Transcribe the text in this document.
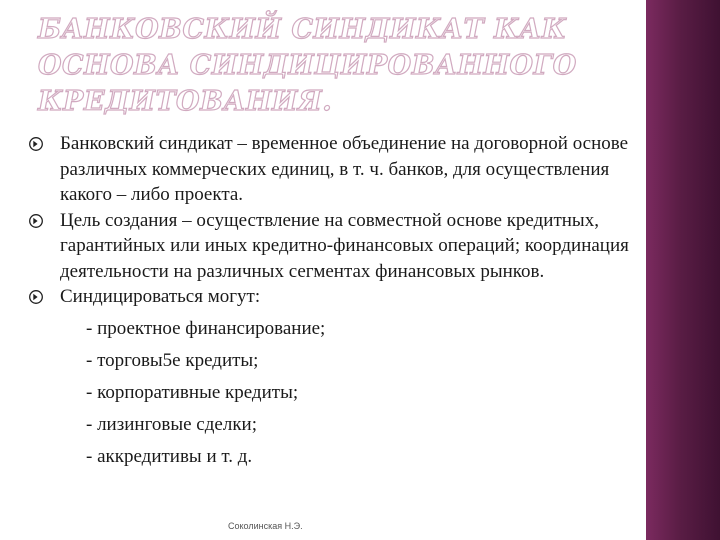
БАНКОВСКИЙ СИНДИКАТ КАК
ОСНОВА СИНДИЦИРОВАННОГО
КРЕДИТОВАНИЯ.
Банковский синдикат – временное объединение на договорной основе различных коммерческих единиц, в т. ч. банков, для осуществления какого – либо проекта.
Цель создания – осуществление на совместной основе кредитных, гарантийных или иных кредитно-финансовых операций; координация деятельности на различных сегментах финансовых рынков.
Синдицироваться могут:
- проектное финансирование;
- торговы5е кредиты;
- корпоративные кредиты;
- лизинговые сделки;
- аккредитивы и т. д.
Соколинская Н.Э.
